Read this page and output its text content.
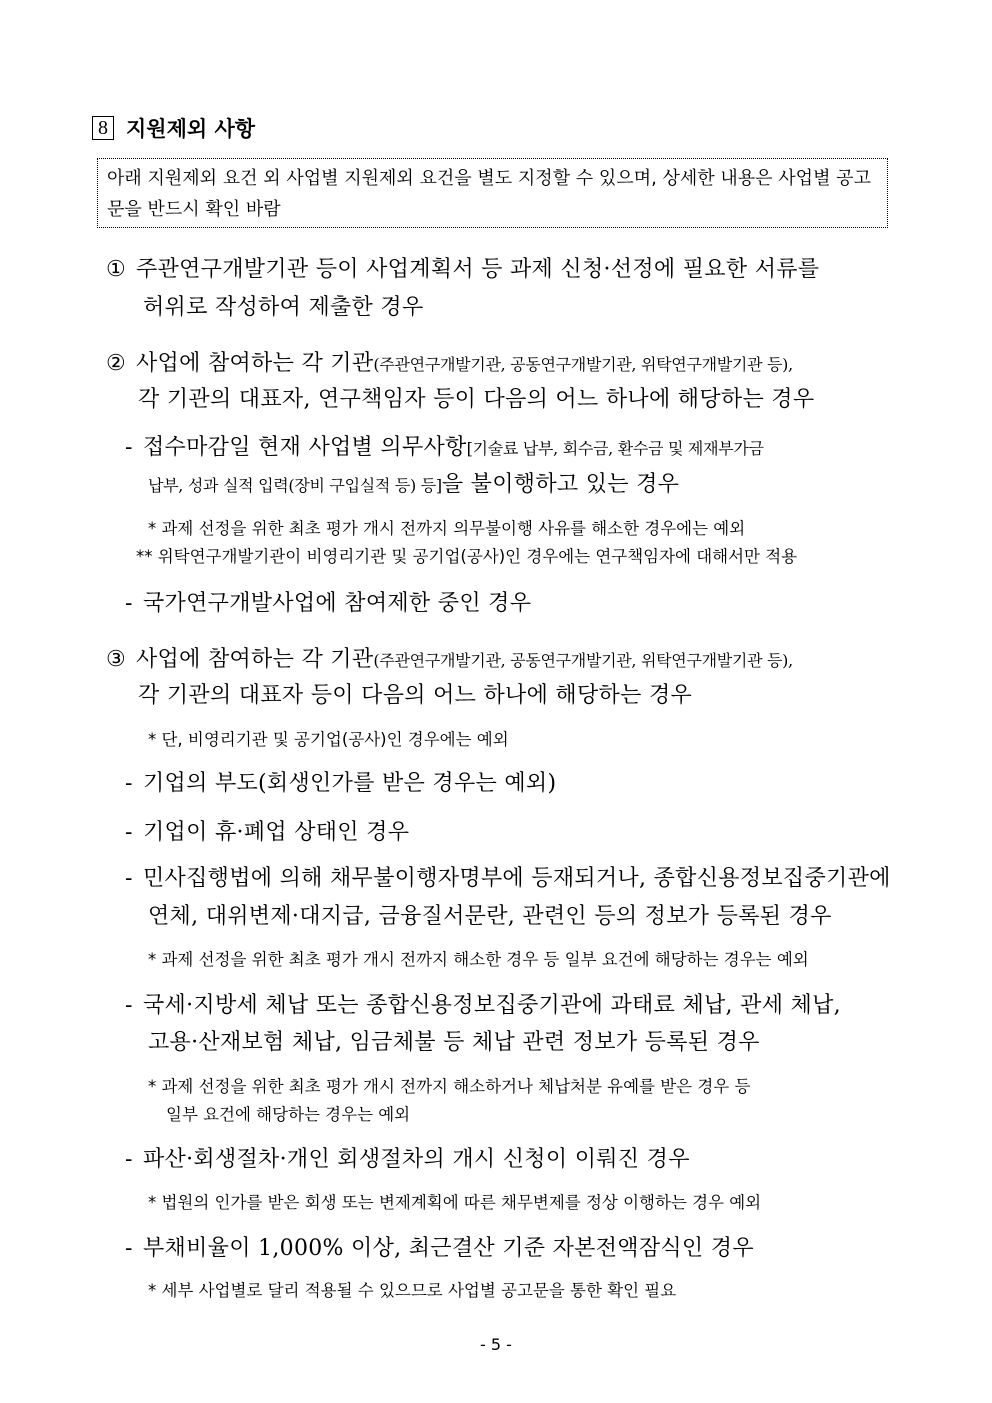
8 지원제외 사항
아래 지원제외 요건 외 사업별 지원제외 요건을 별도 지정할 수 있으며, 상세한 내용은 사업별 공고문을 반드시 확인 바람
① 주관연구개발기관 등이 사업계획서 등 과제 신청·선정에 필요한 서류를
허위로 작성하여 제출한 경우
② 사업에 참여하는 각 기관(주관연구개발기관, 공동연구개발기관, 위탁연구개발기관 등),
각 기관의 대표자, 연구책임자 등이 다음의 어느 하나에 해당하는 경우
- 접수마감일 현재 사업별 의무사항[기술료 납부, 회수금, 환수금 및 제재부가금
납부, 성과 실적 입력(장비 구입실적 등) 등]을 불이행하고 있는 경우
* 과제 선정을 위한 최초 평가 개시 전까지 의무불이행 사유를 해소한 경우에는 예외
** 위탁연구개발기관이 비영리기관 및 공기업(공사)인 경우에는 연구책임자에 대해서만 적용
- 국가연구개발사업에 참여제한 중인 경우
③ 사업에 참여하는 각 기관(주관연구개발기관, 공동연구개발기관, 위탁연구개발기관 등),
각 기관의 대표자 등이 다음의 어느 하나에 해당하는 경우
* 단, 비영리기관 및 공기업(공사)인 경우에는 예외
- 기업의 부도(회생인가를 받은 경우는 예외)
- 기업이 휴·폐업 상태인 경우
- 민사집행법에 의해 채무불이행자명부에 등재되거나, 종합신용정보집중기관에
연체, 대위변제·대지급, 금융질서문란, 관련인 등의 정보가 등록된 경우
* 과제 선정을 위한 최초 평가 개시 전까지 해소한 경우 등 일부 요건에 해당하는 경우는 예외
- 국세·지방세 체납 또는 종합신용정보집중기관에 과태료 체납, 관세 체납,
고용·산재보험 체납, 임금체불 등 체납 관련 정보가 등록된 경우
* 과제 선정을 위한 최초 평가 개시 전까지 해소하거나 체납처분 유예를 받은 경우 등
일부 요건에 해당하는 경우는 예외
- 파산·회생절차·개인 회생절차의 개시 신청이 이뤄진 경우
* 법원의 인가를 받은 회생 또는 변제계획에 따른 채무변제를 정상 이행하는 경우 예외
- 부채비율이 1,000% 이상, 최근결산 기준 자본전액잠식인 경우
* 세부 사업별로 달리 적용될 수 있으므로 사업별 공고문을 통한 확인 필요
- 5 -
